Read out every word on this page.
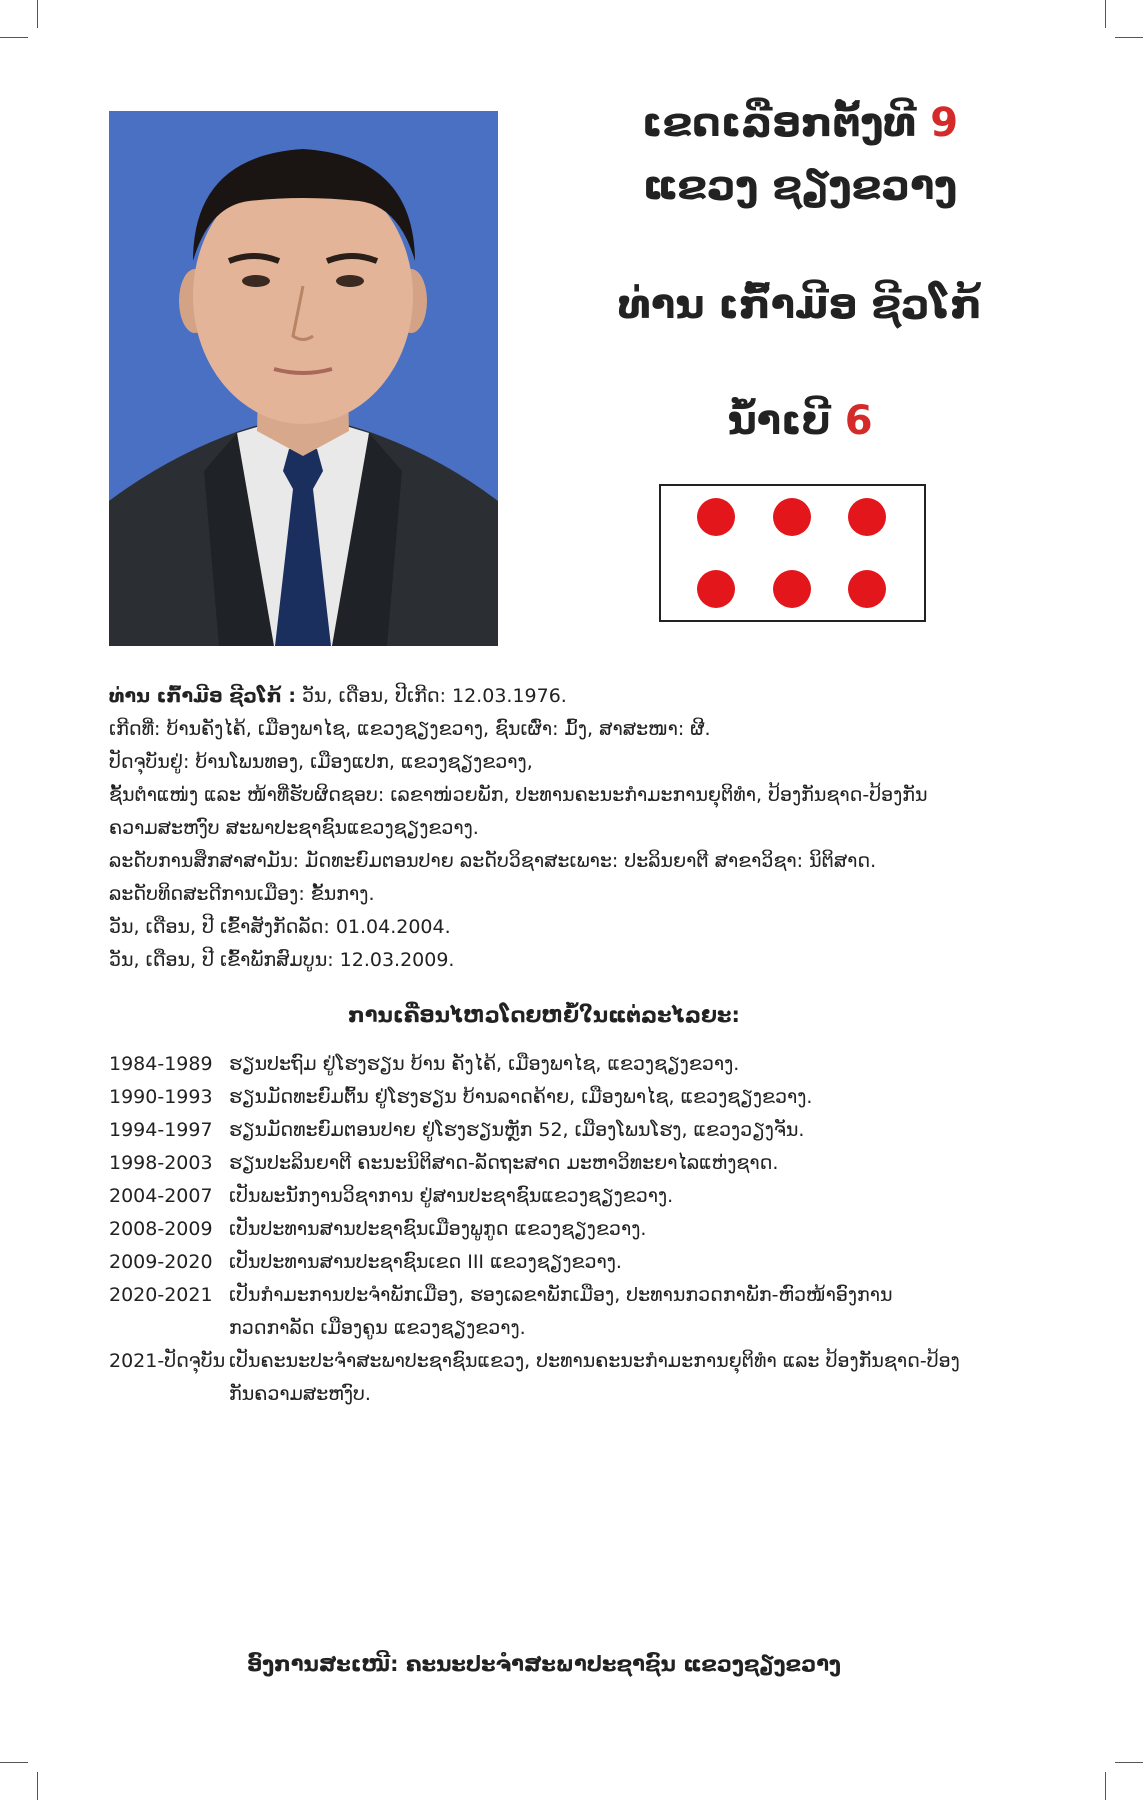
ເຂດເລືອກຕັ້ງທີ 9
ແຂວງ ຊຽງຂວາງ
ທ່ານ ເກົ້າມີອ ຊີວໂກ້
ນ້ຳເບີ 6
ທ່ານ ເກົ້າມີອ ຊີວໂກ້ : ວັນ, ເດືອນ, ປີເກີດ: 12.03.1976.
ເກີດທີ່: ບ້ານຄັງໄຄ້, ເມືອງພາໄຊ, ແຂວງຊຽງຂວາງ, ຊົນເຜົ່າ: ມົ້ງ, ສາສະໜາ: ຜີ.
ປັດຈຸບັນຢູ່: ບ້ານໂພນທອງ, ເມືອງແປກ, ແຂວງຊຽງຂວາງ,
ຊັ້ນຕຳແໜ່ງ ແລະ ໜ້າທີ່ຮັບຜິດຊອບ: ເລຂາໜ່ວຍພັກ, ປະທານຄະນະກຳມະການຍຸຕິທຳ, ປ້ອງກັນຊາດ-ປ້ອງກັນ
ຄວາມສະຫງົບ ສະພາປະຊາຊົນແຂວງຊຽງຂວາງ.
ລະດັບການສຶກສາສາມັນ: ມັດທະຍົມຕອນປາຍ ລະດັບວິຊາສະເພາະ: ປະລິນຍາຕີ ສາຂາວິຊາ: ນິຕິສາດ.
ລະດັບທິດສະດີການເມືອງ: ຂັ້ນກາງ.
ວັນ, ເດືອນ, ປີ ເຂົ້າສັງກັດລັດ: 01.04.2004.
ວັນ, ເດືອນ, ປີ ເຂົ້າພັກສົມບູນ: 12.03.2009.
ການເຄື່ອນໄຫວໂດຍຫຍໍ້ໃນແຕ່ລະໄລຍະ:
1984-1989 ຮຽນປະຖົມ ຢູ່ໂຮງຮຽນ ບ້ານ ຄັງໄຄ້, ເມືອງພາໄຊ, ແຂວງຊຽງຂວາງ.
1990-1993 ຮຽນມັດທະຍົມຕົ້ນ ຢູ່ໂຮງຮຽນ ບ້ານລາດຄ້າຍ, ເມືອງພາໄຊ, ແຂວງຊຽງຂວາງ.
1994-1997 ຮຽນມັດທະຍົມຕອນປາຍ ຢູ່ໂຮງຮຽນຫຼັກ 52, ເມືອງໂພນໂຮງ, ແຂວງວຽງຈັນ.
1998-2003 ຮຽນປະລິນຍາຕີ ຄະນະນິຕິສາດ-ລັດຖະສາດ ມະຫາວິທະຍາໄລແຫ່ງຊາດ.
2004-2007 ເປັນພະນັກງານວິຊາການ ຢູ່ສານປະຊາຊົນແຂວງຊຽງຂວາງ.
2008-2009 ເປັນປະທານສານປະຊາຊົນເມືອງພູກູດ ແຂວງຊຽງຂວາງ.
2009-2020 ເປັນປະທານສານປະຊາຊົນເຂດ III ແຂວງຊຽງຂວາງ.
2020-2021 ເປັນກຳມະການປະຈຳພັກເມືອງ, ຮອງເລຂາພັກເມືອງ, ປະທານກວດກາພັກ-ຫົວໜ້າອົງການ
ກວດກາລັດ ເມືອງຄູນ ແຂວງຊຽງຂວາງ.
2021-ປັດຈຸບັນ ເປັນຄະນະປະຈຳສະພາປະຊາຊົນແຂວງ, ປະທານຄະນະກຳມະການຍຸຕິທຳ ແລະ ປ້ອງກັນຊາດ-ປ້ອງ
ກັນຄວາມສະຫງົບ.
ອົງການສະເໜີ: ຄະນະປະຈຳສະພາປະຊາຊົນ ແຂວງຊຽງຂວາງ
